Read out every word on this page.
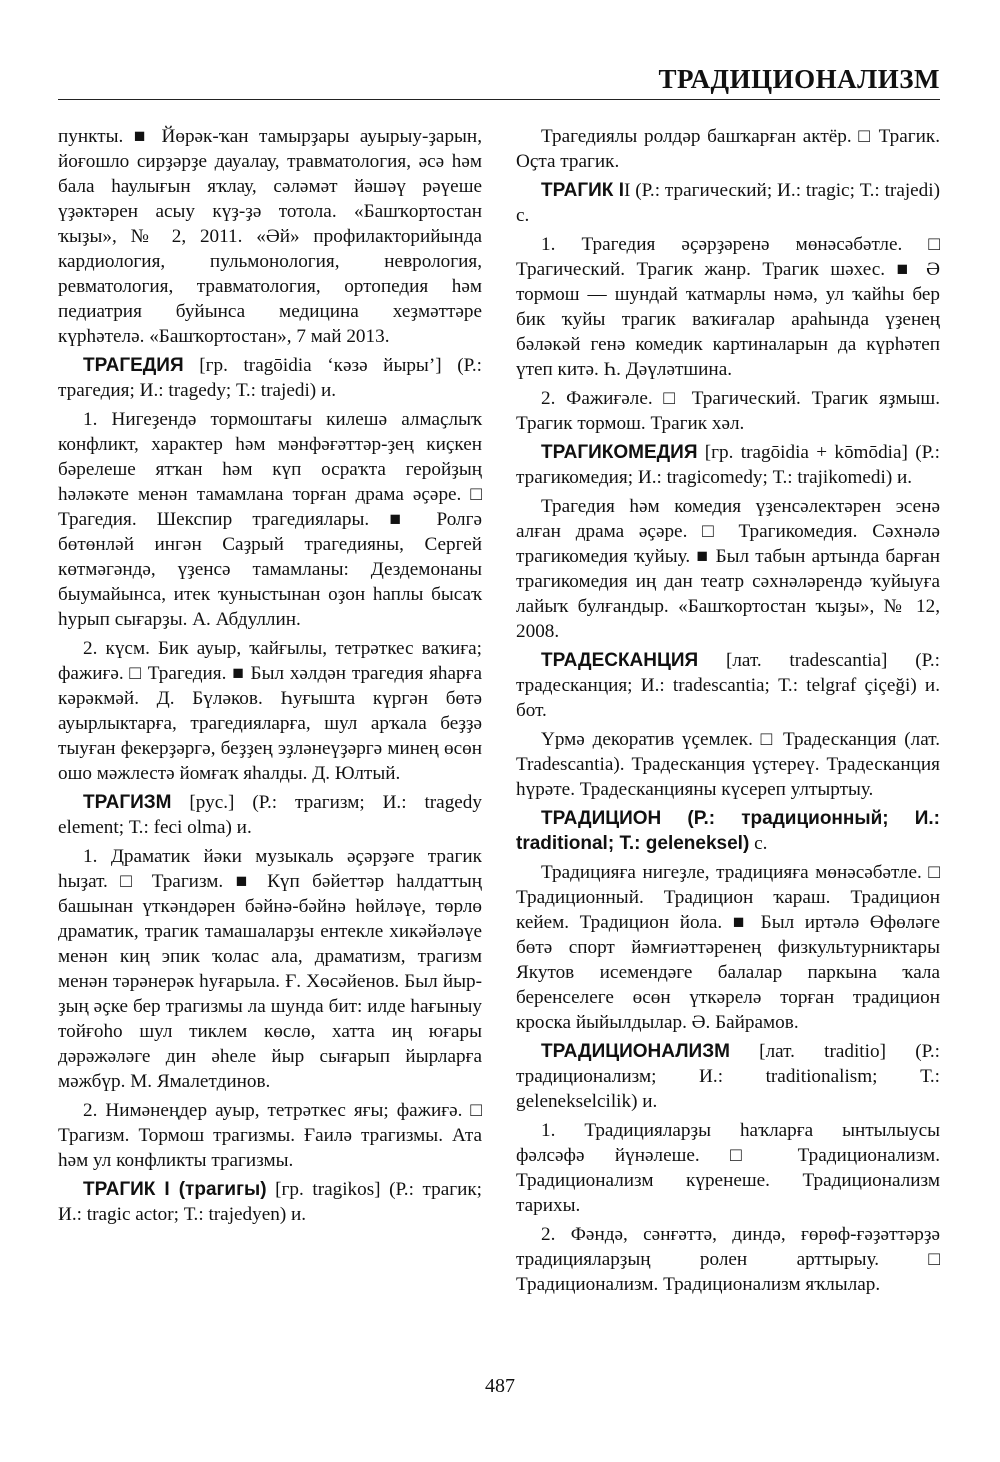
ТРАДИЦИОНАЛИЗМ

пункты. ■ Йөрәк-ҡан тамырҙары ауырыу-ҙарын, йоғошло сирҙәрҙе дауалау, травматология, әсә һәм бала һаулығын яҡлау, сәләмәт йәшәү рәүеше үҙәктәрен асыу күҙ-ҙә тотола. «Башҡортостан ҡыҙы», № 2, 2011. «Әй» профилакторийында кардиология, пульмонология, неврология, ревматология, травматология, ортопедия һәм педиатрия буйынса медицина хеҙмәттәре күрһәтелә. «Башҡортостан», 7 май 2013.

ТРАГЕДИЯ [гр. tragōidia ‘кәзә йыры’] (Р.: трагедия; И.: tragedy; Т.: trajedi) и.

1. Нигеҙендә тормоштағы килешә алмаҫлыҡ конфликт, характер һәм мәнфәғәттәр-ҙең киҫкен бәрелеше ятҡан һәм күп осраҡта геройҙың һәләкәте менән тамамлана торған драма әҫәре. □ Трагедия. Шекспир трагедиялары. ■ Ролгә бөтөнләй ингән Саҙрый трагедияны, Сергей көтмәгәндә, үҙенсә тамамланы: Дездемонаны быумайынса, итек ҡуныстынан оҙон һаплы бысаҡ һурып сығарҙы. А. Абдуллин.

2. күсм. Бик ауыр, ҡайғылы, тетрәткес ваҡиға; фажиғә. □ Трагедия. ■ Был хәлдән трагедия яһарға кәрәкмәй. Д. Бүләков. Һуғышта күргән бөтә ауырлыктарға, трагедияларға, шул арҡала беҙҙә тыуған фекерҙәргә, беҙҙең эҙләнеүҙәргә минең өсөн ошо мәжлестә йомғаҡ яһалды. Д. Юлтый.

ТРАГИЗМ [рус.] (Р.: трагизм; И.: tragedy element; Т.: feci olma) и.

1. Драматик йәки музыкаль әҫәрҙәге трагик һыҙат. □ Трагизм. ■ Күп бәйеттәр һалдаттың башынан үткәндәрен бәйнә-бәйнә һөйләүе, төрлө драматик, трагик тамашаларҙы ентекле хикәйәләүе менән киң эпик ҡолас ала, драматизм, трагизм менән тәрәнерәк һуғарыла. Ғ. Хөсәйенов. Был йыр-ҙың әҫке бер трагизмы ла шунда бит: илде һағыныу тойғоһо шул тиклем көслө, хатта иң юғары дәрәжәләге дин әһеле йыр сығарып йырларға мәжбүр. М. Ямалетдинов.

2. Нимәнеңдер ауыр, тетрәткес яғы; фажиғә. □ Трагизм. Тормош трагизмы. Ғаилә трагизмы. Ата һәм ул конфликты трагизмы.

ТРАГИК I (трагигы) [гр. tragikos] (Р.: трагик; И.: tragic actor; Т.: trajedyen) и.

Трагедиялы ролдәр башҡарған актёр. □ Трагик. Оҫта трагик.

ТРАГИК II (Р.: трагический; И.: tragic; Т.: trajedi) с.

1. Трагедия әҫәрҙәренә мөнәсәбәтле. □ Трагический. Трагик жанр. Трагик шәхес. ■ Ә тормош — шундай ҡатмарлы нәмә, ул ҡайһы бер бик ҡуйы трагик ваҡиғалар араһында үҙенең бәләкәй генә комедик картиналарын да күрһәтеп үтеп китә. Һ. Дәүләтшина.

2. Фажиғәле. □ Трагический. Трагик яҙмыш. Трагик тормош. Трагик хәл.

ТРАГИКОМЕДИЯ [гр. tragōidia + kōmōdia] (Р.: трагикомедия; И.: tragicomedy; Т.: trajikomedi) и.

Трагедия һәм комедия үҙенсәлектәрен эсенә алған драма әҫәре. □ Трагикомедия. Сәхнәлә трагикомедия ҡуйыу. ■ Был табын артында барған трагикомедия иң дан театр сәхнәләрендә ҡуйыуға лайыҡ булғандыр. «Башҡортостан ҡыҙы», № 12, 2008.

ТРАДЕСКАНЦИЯ [лат. tradescantia] (Р.: традесканция; И.: tradescantia; Т.: telgraf çiçeği) и. бот.

Үрмә декоратив үҫемлек. □ Традесканция (лат. Tradescantia). Традесканция үҫтереү. Традесканция һүрәте. Традесканцияны күсереп ултыртыу.

ТРАДИЦИОН (Р.: традиционный; И.: traditional; Т.: geleneksel) с.

Традицияға нигеҙле, традицияға мөнәсәбәтле. □ Традиционный. Традицион ҡараш. Традицион кейем. Традицион йола. ■ Был иртәлә Өфөләге бөтә спорт йәмғиәттәренең физкультурниктары Якутов исемендәге балалар паркына ҡала беренселеге өсөн үткәрелә торған традицион кроска йыйылдылар. Ә. Байрамов.

ТРАДИЦИОНАЛИЗМ [лат. traditio] (Р.: традиционализм; И.: traditionalism; Т.: gelenekselcilik) и.

1. Традицияларҙы һаҡларға ынтылыусы фәлсәфә йүнәлеше. □ Традиционализм. Традиционализм күренеше. Традиционализм тарихы.

2. Фәндә, сәнғәттә, диндә, ғөрөф-ғәҙәттәрҙә традицияларҙың ролен арттырыу. □ Традиционализм. Традиционализм яҡлылар.

487
